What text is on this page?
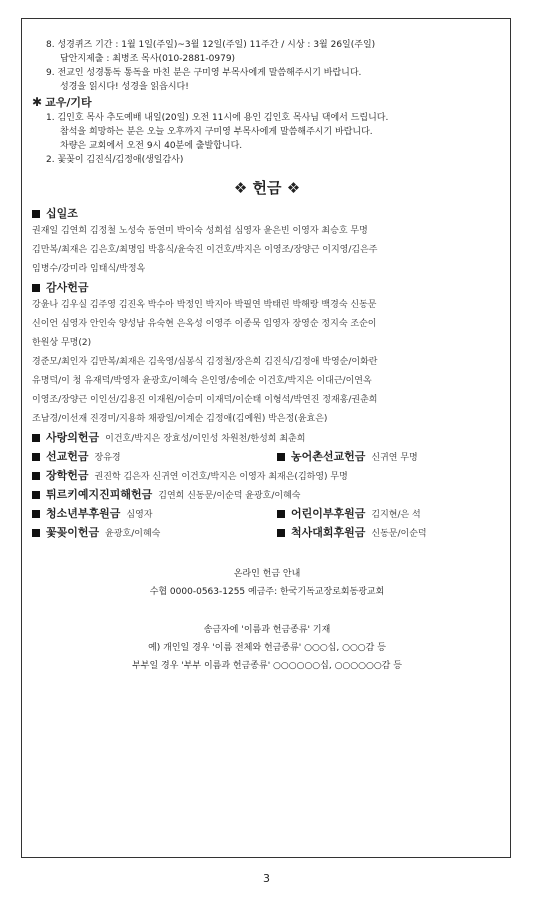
8. 성경퀴즈 기간 : 1월 1일(주일)~3월 12일(주일) 11주간 / 시상 : 3월 26일(주일)
답안지제출 : 최병조 목사(010-2881-0979)
9. 전교인 성경통독 통독을 마친 분은 구미영 부목사에게 말씀해주시기 바랍니다.
성경을 읽시다! 성경을 읽읍시다!
✱ 교우/기타
1. 김인호 목사 추도예배 내일(20일) 오전 11시에 용인 김인호 목사님 댁에서 드립니다.
참석을 희망하는 분은 오늘 오후까지 구미영 부목사에게 말씀해주시기 바랍니다.
차량은 교회에서 오전 9시 40분에 출발합니다.
2. 꽃꽂이 김진식/김정애(생일감사)
❖ 헌금 ❖
십일조
권재일 김연희 김정철 노성숙 동연미 박이숙 성희섭 심영자 윤은빈 이영자 최승호 무명
김만복/최재은 김은호/최명임 박흥식/윤숙진 이건호/박지은 이영조/장양근 이지영/김은주
임병수/강미라 임태식/박정옥
감사헌금
강윤나 김우실 김주영 김진옥 박수아 박정인 박지아 박필연 박태린 박해랑 백경숙 신동문
신이언 심영자 안인숙 양성남 유숙현 은옥성 이영주 이종묵 임영자 장영순 정지숙 조순이
한원상 무명(2)
경준모/최인자 김만복/최재은 김욱영/심봉식 김정철/장은희 김진식/김정애 박영순/이화란
유명덕/이 청 유재덕/박영자 윤광호/이혜숙 은인영/송에순 이건호/박지은 이대근/이연옥
이영조/장양근 이인선/김용진 이재원/이승미 이재덕/이순태 이형석/박연진 정재홍/권춘희
조남경/이선재 진경미/지용하 채광일/이계순 김정애(김예원) 박은정(윤효은)
사랑의헌금 이건호/박지은 장효성/이인성 차원천/한성희 최춘희
선교헌금 장유경	농어촌선교헌금 신귀연 무명
장학헌금 권진학 김은자 신귀연 이건호/박지은 이영자 최재은(김하영) 무명
튀르키예지진피해헌금 김연희 신동문/이순덕 윤광호/이혜숙
청소년부후원금 심영자	어린이부후원금 김지현/은 석
꽃꽂이헌금 윤광호/이혜숙	척사대회후원금 신동문/이순덕
온라인 헌금 안내
수협 0000-0563-1255 예금주: 한국기독교장로회동광교회
송금자에 '이름과 헌금종류' 기재
예) 개인일 경우 '이름 전체와 헌금종류' ○○○십, ○○○감 등
부부일 경우 '부부 이름과 헌금종류' ○○○○○○십, ○○○○○○감 등
3
